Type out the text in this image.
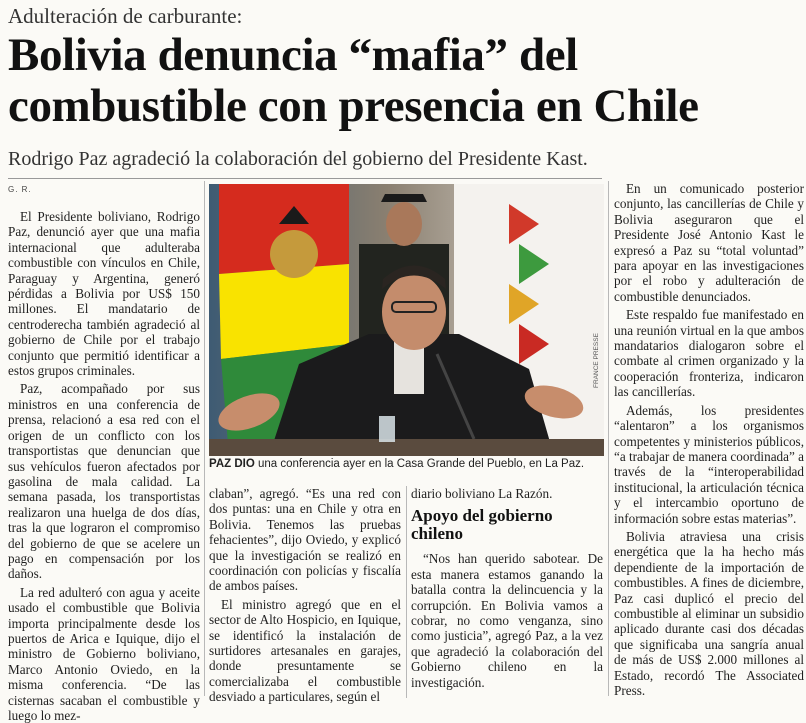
Adulteración de carburante:
Bolivia denuncia “mafia” del combustible con presencia en Chile
Rodrigo Paz agradeció la colaboración del gobierno del Presidente Kast.
G. R.

El Presidente boliviano, Rodrigo Paz, denunció ayer que una mafia internacional que adulteraba combustible con vínculos en Chile, Paraguay y Argentina, generó pérdidas a Bolivia por US$ 150 millones. El mandatario de centroderecha también agradeció al gobierno de Chile por el trabajo conjunto que permitió identificar a estos grupos criminales.

Paz, acompañado por sus ministros en una conferencia de prensa, relacionó a esa red con el origen de un conflicto con los transportistas que denuncian que sus vehículos fueron afectados por gasolina de mala calidad. La semana pasada, los transportistas realizaron una huelga de dos días, tras la que lograron el compromiso del gobierno de que se acelere un pago en compensación por los daños.

La red adulteró con agua y aceite usado el combustible que Bolivia importa principalmente desde los puertos de Arica e Iquique, dijo el ministro de Gobierno boliviano, Marco Antonio Oviedo, en la misma conferencia. “De las cisternas sacaban el combustible y luego lo mez-

FRANCE PRESSE
PAZ DIO una conferencia ayer en la Casa Grande del Pueblo, en La Paz.

claban”, agregó. “Es una red con dos puntas: una en Chile y otra en Bolivia. Tenemos las pruebas fehacientes”, dijo Oviedo, y explicó que la investigación se realizó en coordinación con policías y fiscalía de ambos países.

El ministro agregó que en el sector de Alto Hospicio, en Iquique, se identificó la instalación de surtidores artesanales en garajes, donde presuntamente se comercializaba el combustible desviado a particulares, según el

diario boliviano La Razón.

Apoyo del gobierno chileno

“Nos han querido sabotear. De esta manera estamos ganando la batalla contra la delincuencia y la corrupción. En Bolivia vamos a cobrar, no como venganza, sino como justicia”, agregó Paz, a la vez que agradeció la colaboración del Gobierno chileno en la investigación.

En un comunicado posterior conjunto, las cancillerías de Chile y Bolivia aseguraron que el Presidente José Antonio Kast le expresó a Paz su “total voluntad” para apoyar en las investigaciones por el robo y adulteración de combustible denunciados.

Este respaldo fue manifestado en una reunión virtual en la que ambos mandatarios dialogaron sobre el combate al crimen organizado y la cooperación fronteriza, indicaron las cancillerías.

Además, los presidentes “alentaron” a los organismos competentes y ministerios públicos, “a trabajar de manera coordinada” a través de la “interoperabilidad institucional, la articulación técnica y el intercambio oportuno de información sobre estas materias”.

Bolivia atraviesa una crisis energética que la ha hecho más dependiente de la importación de combustibles. A fines de diciembre, Paz casi duplicó el precio del combustible al eliminar un subsidio aplicado durante casi dos décadas que significaba una sangría anual de más de US$ 2.000 millones al Estado, recordó The Associated Press.
